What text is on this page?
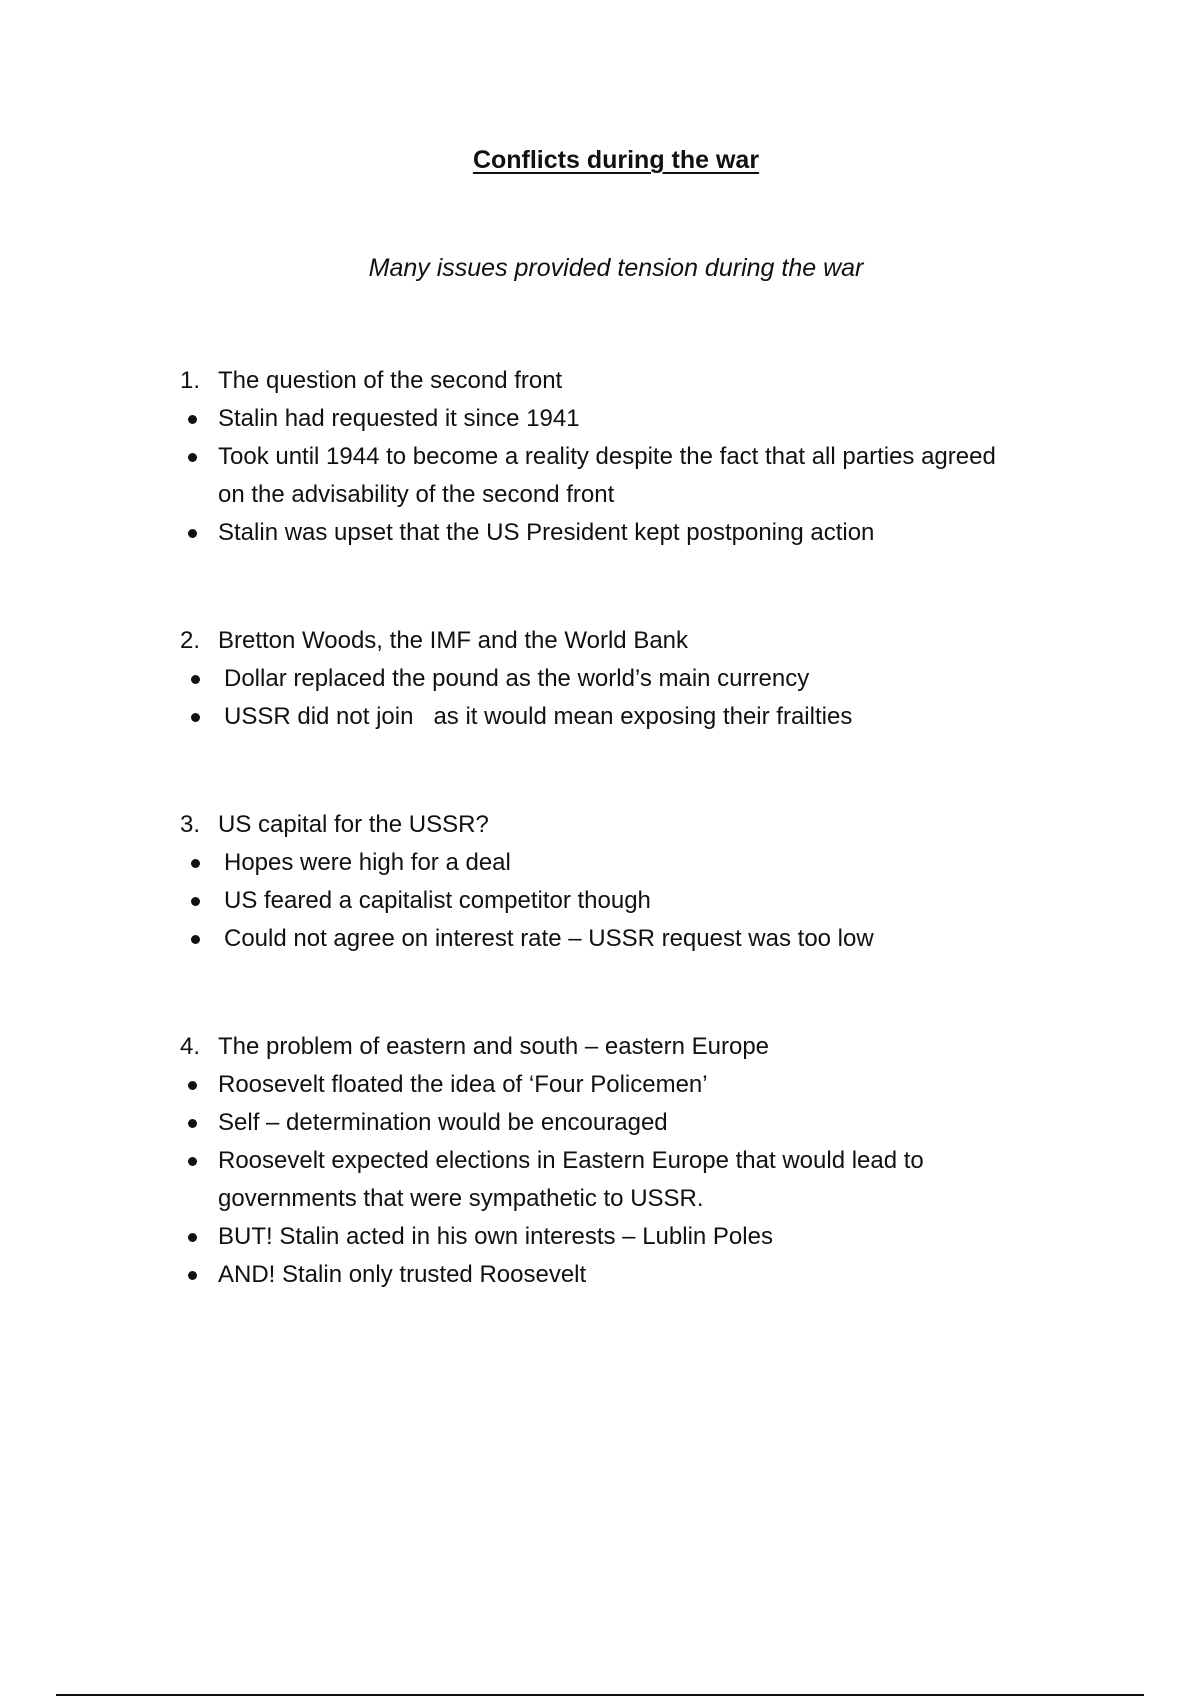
Conflicts during the war

Many issues provided tension during the war

1. The question of the second front
Stalin had requested it since 1941
Took until 1944 to become a reality despite the fact that all parties agreed
on the advisability of the second front
Stalin was upset that the US President kept postponing action
2. Bretton Woods, the IMF and the World Bank
Dollar replaced the pound as the world’s main currency
USSR did not join   as it would mean exposing their frailties
3. US capital for the USSR?
Hopes were high for a deal
US feared a capitalist competitor though
Could not agree on interest rate – USSR request was too low
4. The problem of eastern and south – eastern Europe
Roosevelt floated the idea of ‘Four Policemen’
Self – determination would be encouraged
Roosevelt expected elections in Eastern Europe that would lead to
governments that were sympathetic to USSR.
BUT! Stalin acted in his own interests – Lublin Poles
AND! Stalin only trusted Roosevelt
